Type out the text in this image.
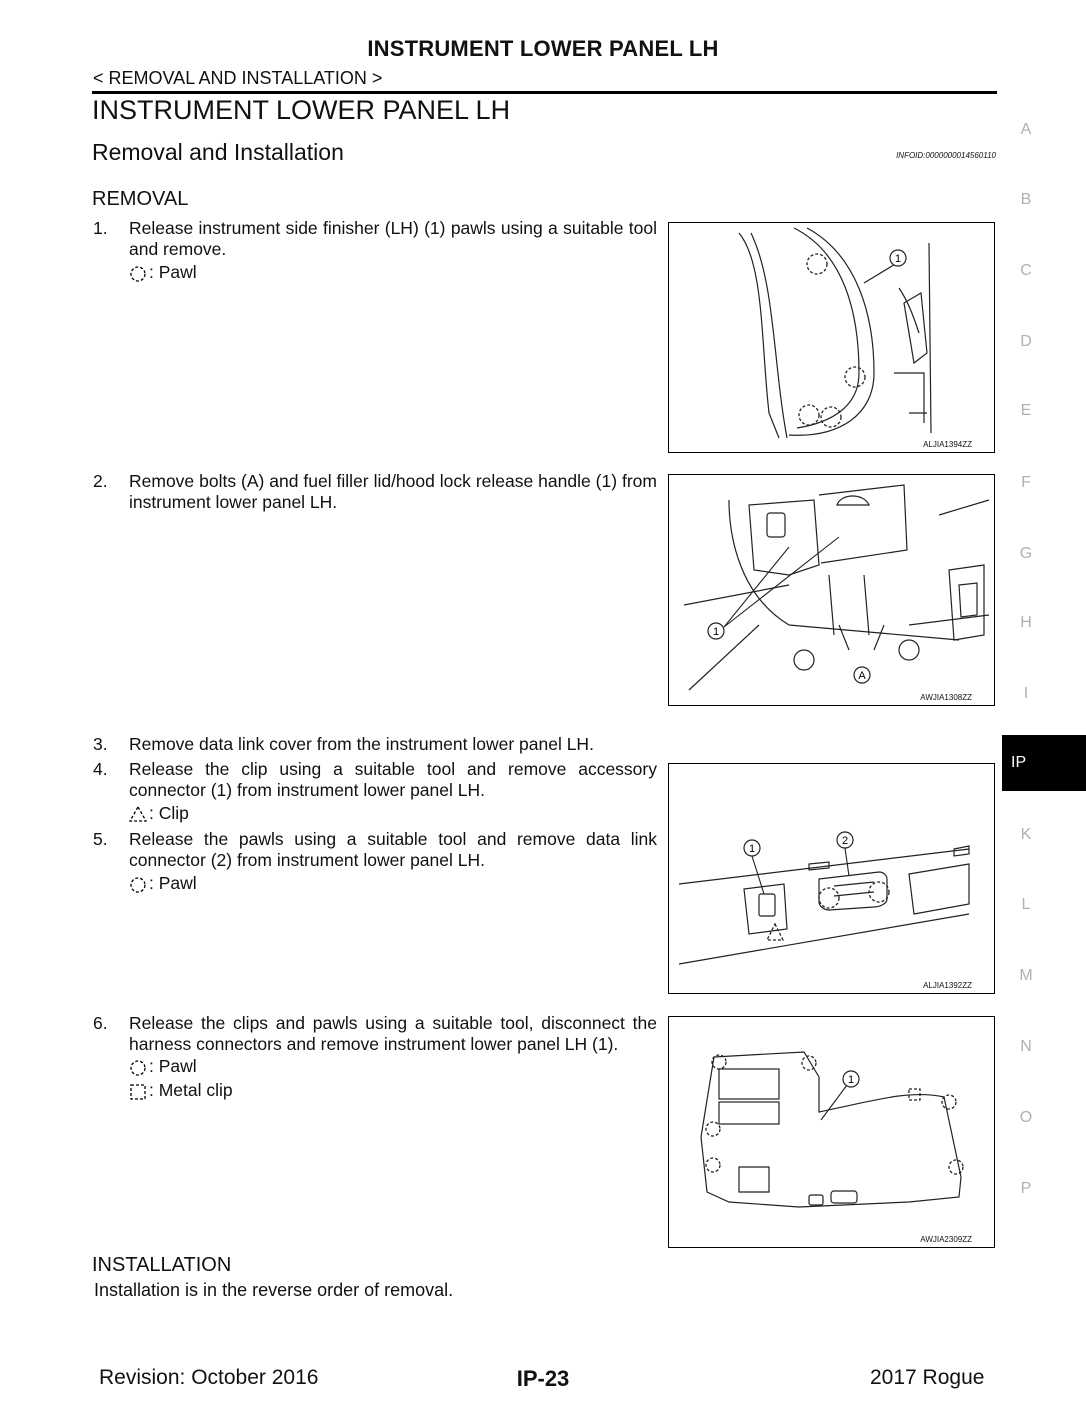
INSTRUMENT LOWER PANEL LH
< REMOVAL AND INSTALLATION >
INSTRUMENT LOWER PANEL LH
Removal and Installation	INFOID:0000000014560110
REMOVAL
1.	Release instrument side finisher (LH) (1) pawls using a suitable tool and remove.
: Pawl
2.	Remove bolts (A) and fuel filler lid/hood lock release handle (1) from instrument lower panel LH.
3.	Remove data link cover from the instrument lower panel LH.
4.	Release the clip using a suitable tool and remove accessory connector (1) from instrument lower panel LH.
: Clip
5.	Release the pawls using a suitable tool and remove data link connector (2) from instrument lower panel LH.
: Pawl
6.	Release the clips and pawls using a suitable tool, disconnect the harness connectors and remove instrument lower panel LH (1).
: Pawl
: Metal clip
1
ALJIA1394ZZ
1
A
AWJIA1308ZZ
1
2
ALJIA1392ZZ
1
AWJIA2309ZZ
INSTALLATION
Installation is in the reverse order of removal.
A
B
C
D
E
F
G
H
I
IP
K
L
M
N
O
P
Revision: October 2016	IP-23	2017 Rogue
